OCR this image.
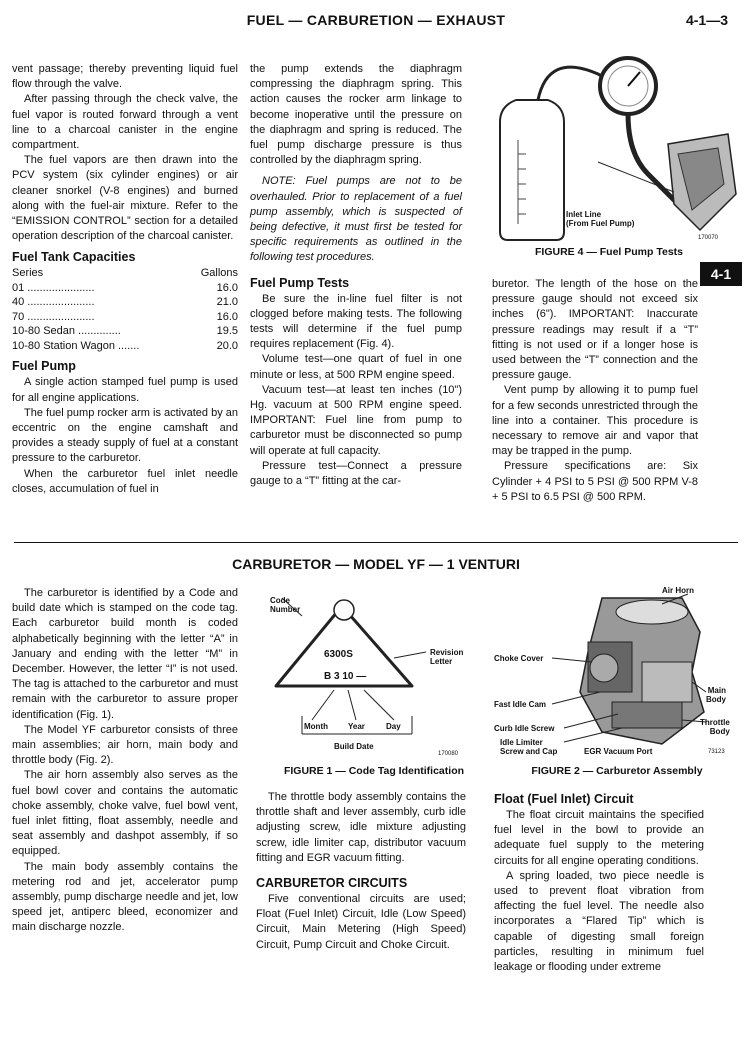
FUEL — CARBURETION — EXHAUST	4-1—3
4-1

vent passage; thereby preventing liquid fuel flow through the valve.

After passing through the check valve, the fuel vapor is routed forward through a vent line to a charcoal canister in the engine compartment.

The fuel vapors are then drawn into the PCV system (six cylinder engines) or air cleaner snorkel (V-8 engines) and burned along with the fuel-air mixture. Refer to the “EMISSION CONTROL” section for a detailed operation description of the charcoal canister.

Fuel Tank Capacities
Series	Gallons
01 ......................	16.0
40 ......................	21.0
70 ......................	16.0
10-80 Sedan ..............	19.5
10-80 Station Wagon .......	20.0
Fuel Pump

A single action stamped fuel pump is used for all engine applications.

The fuel pump rocker arm is activated by an eccentric on the engine camshaft and provides a steady supply of fuel at a constant pressure to the carburetor.

When the carburetor fuel inlet needle closes, accumulation of fuel in

the pump extends the diaphragm compressing the diaphragm spring. This action causes the rocker arm linkage to become inoperative until the pressure on the diaphragm and spring is reduced. The fuel pump discharge pressure is thus controlled by the diaphragm spring.

NOTE: Fuel pumps are not to be overhauled. Prior to replacement of a fuel pump assembly, which is suspected of being defective, it must first be tested for specific requirements as outlined in the following test procedures.

Fuel Pump Tests

Be sure the in-line fuel filter is not clogged before making tests. The following tests will determine if the fuel pump requires replacement (Fig. 4).

Volume test—one quart of fuel in one minute or less, at 500 RPM engine speed.

Vacuum test—at least ten inches (10") Hg. vacuum at 500 RPM engine speed. IMPORTANT: Fuel line from pump to carburetor must be disconnected so pump will operate at full capacity.

Pressure test—Connect a pressure gauge to a “T” fitting at the car-

Inlet Line
(From Fuel Pump)
170070
FIGURE 4 — Fuel Pump Tests

buretor. The length of the hose on the pressure gauge should not exceed six inches (6"). IMPORTANT: Inaccurate pressure readings may result if a “T” fitting is not used or if a longer hose is used between the “T” connection and the pressure gauge.

Vent pump by allowing it to pump fuel for a few seconds unrestricted through the line into a container. This procedure is necessary to remove air and vapor that may be trapped in the pump.

Pressure specifications are: Six Cylinder + 4 PSI to 5 PSI @ 500 RPM V-8 + 5 PSI to 6.5 PSI @ 500 RPM.

CARBURETOR — MODEL YF — 1 VENTURI

The carburetor is identified by a Code and build date which is stamped on the code tag. Each carburetor build month is coded alphabetically beginning with the letter “A” in January and ending with the letter “M” in December. However, the letter “I” is not used. The tag is attached to the carburetor and must remain with the carburetor to assure proper identification (Fig. 1).

The Model YF carburetor consists of three main assemblies; air horn, main body and throttle body (Fig. 2).

The air horn assembly also serves as the fuel bowl cover and contains the automatic choke assembly, choke valve, fuel bowl vent, fuel inlet fitting, float assembly, needle and seat assembly and dashpot assembly, if so equipped.

The main body assembly contains the metering rod and jet, accelerator pump assembly, pump discharge needle and jet, low speed jet, antiperc bleed, economizer and main discharge nozzle.

Code
Number
6300S
B 3 10 —
Revision
Letter
Month	Year	Day
Build Date
170080
FIGURE 1 — Code Tag Identification

The throttle body assembly contains the throttle shaft and lever assembly, curb idle adjusting screw, idle mixture adjusting screw, idle limiter cap, distributor vacuum fitting and EGR vacuum fitting.

CARBURETOR CIRCUITS

Five conventional circuits are used; Float (Fuel Inlet) Circuit, Idle (Low Speed) Circuit, Main Metering (High Speed) Circuit, Pump Circuit and Choke Circuit.

Air Horn
Choke Cover
Fast Idle Cam
Main
Body
Curb Idle Screw
Throttle
Body
Idle Limiter
Screw and Cap	EGR Vacuum Port	73123
FIGURE 2 — Carburetor Assembly
Float (Fuel Inlet) Circuit

The float circuit maintains the specified fuel level in the bowl to provide an adequate fuel supply to the metering circuits for all engine operating conditions.

A spring loaded, two piece needle is used to prevent float vibration from affecting the fuel level. The needle also incorporates a “Flared Tip” which is capable of digesting small foreign particles, resulting in minimum fuel leakage or flooding under extreme
